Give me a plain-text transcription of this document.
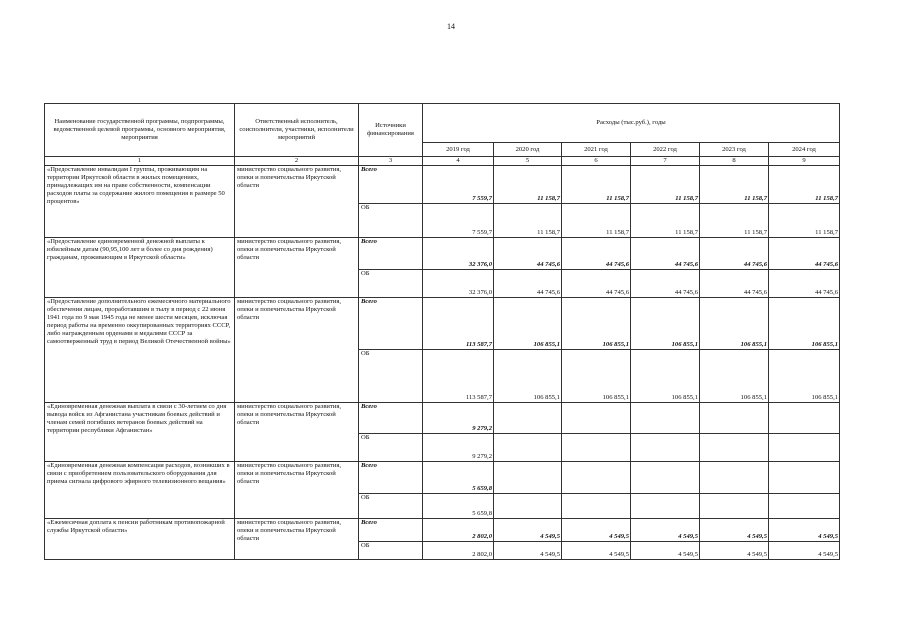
14
Наименование государственной программы, подпрограммы, ведомственной целевой программы, основного мероприятия, мероприятия	Ответственный исполнитель, соисполнители, участники, исполнители мероприятий	Источники финансирования	Расходы (тыс.руб.), годы					
			2019 год	2020 год	2021 год	2022 год	2023 год	2024 год
1	2	3	4	5	6	7	8	9
«Предоставление инвалидам I группы, проживающим на территории Иркутской области в жилых помещениях, принадлежащих им на праве собственности, компенсации расходов платы за содержание жилого помещения в размере 50 процентов»	министерство социального развития, опеки и попечительства Иркутской области	Всего	7 559,7	11 158,7	11 158,7	11 158,7	11 158,7	11 158,7
		ОБ	7 559,7	11 158,7	11 158,7	11 158,7	11 158,7	11 158,7
«Предоставление единовременной денежной выплаты к юбилейным датам (90,95,100 лет и более со дня рождения) гражданам, проживающим в Иркутской области»	министерство социального развития, опеки и попечительства Иркутской области	Всего	32 376,0	44 745,6	44 745,6	44 745,6	44 745,6	44 745,6
		ОБ	32 376,0	44 745,6	44 745,6	44 745,6	44 745,6	44 745,6
«Предоставление дополнительного ежемесячного материального обеспечения лицам, проработавшим в тылу в период с 22 июня 1941 года по 9 мая 1945 года не менее шести месяцев, исключая период работы на временно оккупированных территориях СССР, либо награжденным орденами и медалями СССР за самоотверженный труд в период Великой Отечественной войны»	министерство социального развития, опеки и попечительства Иркутской области	Всего	113 587,7	106 855,1	106 855,1	106 855,1	106 855,1	106 855,1
		ОБ	113 587,7	106 855,1	106 855,1	106 855,1	106 855,1	106 855,1
«Единовременная денежная выплата в связи с 30-летием со дня вывода войск из Афганистана участникам боевых действий и членам семей погибших ветеранов боевых действий на территории республики Афганистан»	министерство социального развития, опеки и попечительства Иркутской области	Всего	9 279,2					
		ОБ	9 279,2					
«Единовременная денежная компенсация расходов, возникших в связи с приобретением пользовательского оборудования для приема сигнала цифрового эфирного телевизионного вещания»	министерство социального развития, опеки и попечительства Иркутской области	Всего	5 659,8					
		ОБ	5 659,8					
«Ежемесячная доплата к пенсии работникам противопожарной службы Иркутской области»	министерство социального развития, опеки и попечительства Иркутской области	Всего	2 802,0	4 549,5	4 549,5	4 549,5	4 549,5	4 549,5
		ОБ	2 802,0	4 549,5	4 549,5	4 549,5	4 549,5	4 549,5
